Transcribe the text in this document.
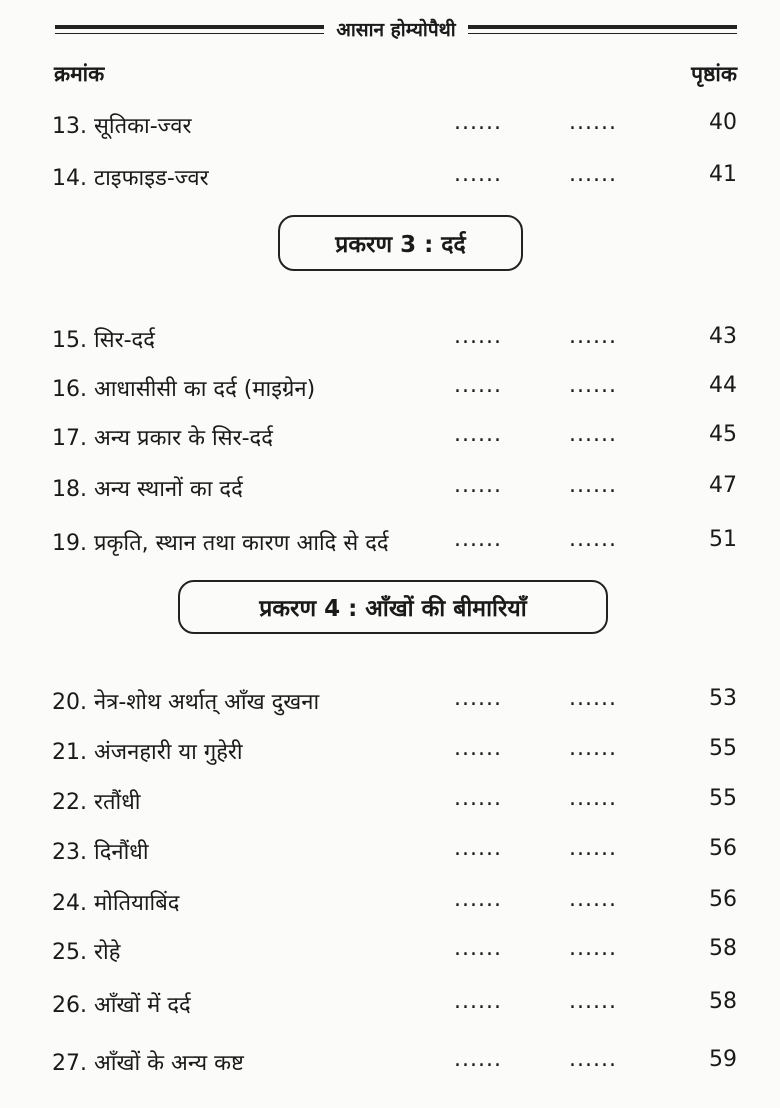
आसान होम्योपैथी
क्रमांक	पृष्ठांक
प्रकरण 3 : दर्द
प्रकरण 4 : आँखों की बीमारियाँ
13. सूतिका-ज्वर	......	......	40
14. टाइफाइड-ज्वर	......	......	41
15. सिर-दर्द	......	......	43
16. आधासीसी का दर्द (माइग्रेन)	......	......	44
17. अन्य प्रकार के सिर-दर्द	......	......	45
18. अन्य स्थानों का दर्द	......	......	47
19. प्रकृति, स्थान तथा कारण आदि से दर्द	......	......	51
20. नेत्र-शोथ अर्थात् आँख दुखना	......	......	53
21. अंजनहारी या गुहेरी	......	......	55
22. रतौंधी	......	......	55
23. दिनौंधी	......	......	56
24. मोतियाबिंद	......	......	56
25. रोहे	......	......	58
26. आँखों में दर्द	......	......	58
27. आँखों के अन्य कष्ट	......	......	59
